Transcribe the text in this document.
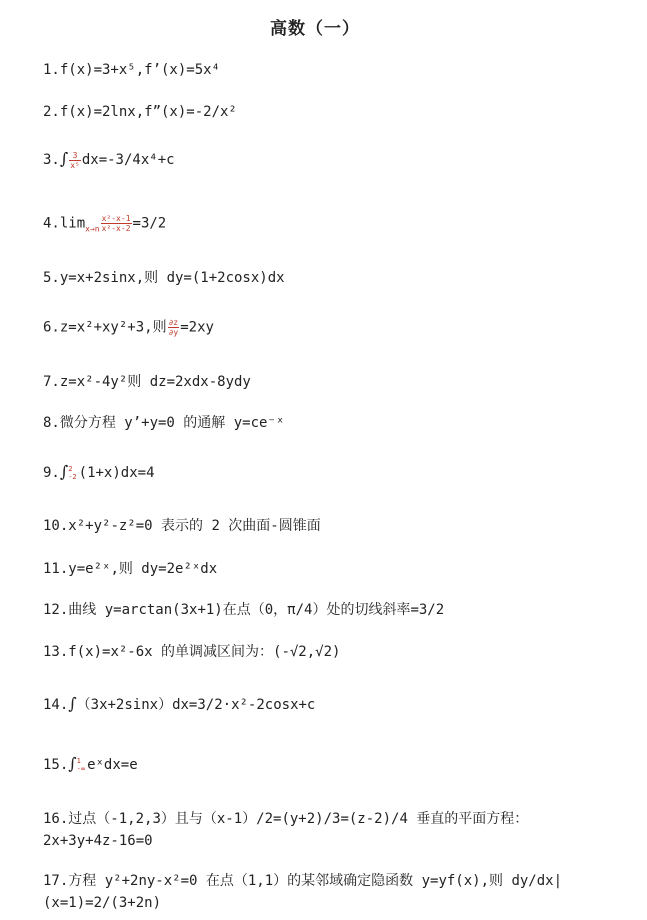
高数（一）
1.f(x)=3+x⁵,f’(x)=5x⁴
2.f(x)=2lnx,f”(x)=-2/x²
$3.\int \frac{3}{\text{x⁵}} dx=-3/4x^4+c$
$4.\lim_{x\to n} \frac{\text{x²-x-1}}{\text{x²-x-2}} =3/2$
5.y=x+2sinx,则 dy=(1+2cosx)dx
6.z=x²+xy²+3,则 $\frac{\partial z}{\partial y} =2xy$
7.z=x²-4y²则 dz=2xdx-8ydy
8.微分方程 y’+y=0 的通解 y=ce⁻ˣ
9.∫ 2
-2 (1+x)dx=4
10.x²+y²-z²=0 表示的 2 次曲面-圆锥面
11.y=e²ˣ,则 dy=2e²ˣdx
12.曲线 y=arctan(3x+1)在点（0，π/4）处的切线斜率=3/2
13.f(x)=x²-6x 的单调减区间为：(-√2,√2)
14.∫（3x+2sinx）dx=3/2·x²-2cosx+c
15.∫ 1
-∞ eˣdx=e
16.过点（-1,2,3）且与（x-1）/2=(y+2)/3=(z-2)/4 垂直的平面方程：2x+3y+4z-16=0
17.方程 y²+2ny-x²=0 在点（1,1）的某邻域确定隐函数 y=yf(x),则 dy/dx|(x=1)=2/(3+2n)
